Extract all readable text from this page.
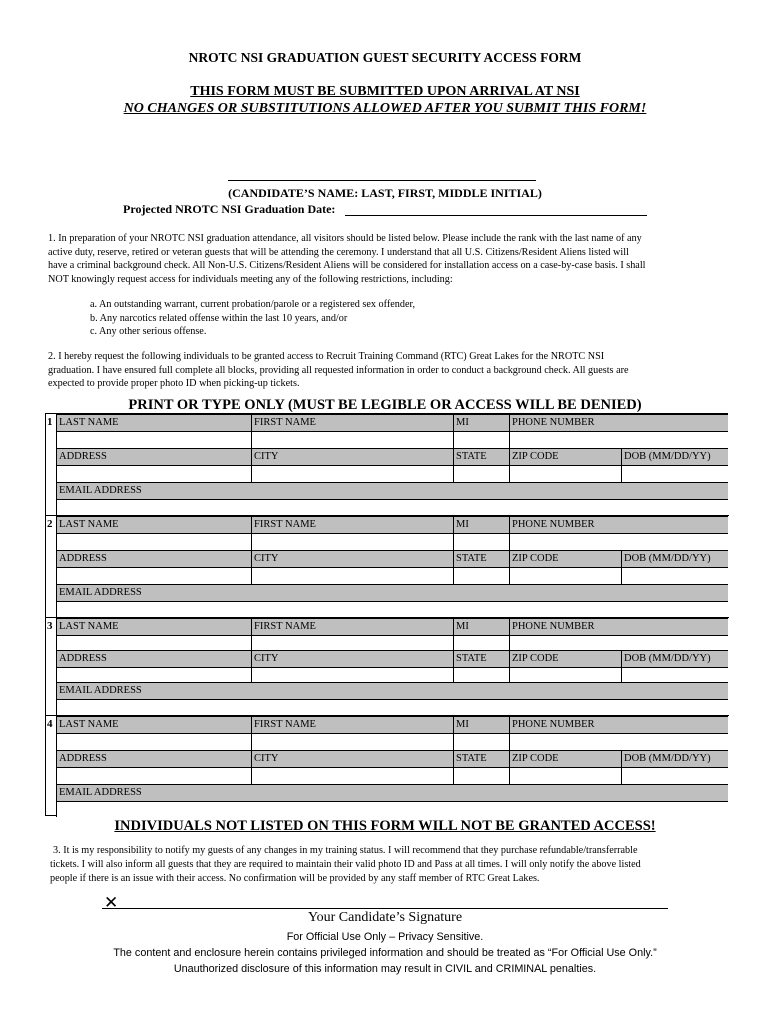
NROTC NSI GRADUATION GUEST SECURITY ACCESS FORM
THIS FORM MUST BE SUBMITTED UPON ARRIVAL AT NSI
NO CHANGES OR SUBSTITUTIONS ALLOWED AFTER YOU SUBMIT THIS FORM!
(CANDIDATE’S NAME: LAST, FIRST, MIDDLE INITIAL)
Projected NROTC NSI Graduation Date:
1. In preparation of your NROTC NSI graduation attendance, all visitors should be listed below. Please include the rank with the last name of any
active duty, reserve, retired or veteran guests that will be attending the ceremony. I understand that all U.S. Citizens/Resident Aliens listed will
have a criminal background check. All Non-U.S. Citizens/Resident Aliens will be considered for installation access on a case-by-case basis. I shall
NOT knowingly request access for individuals meeting any of the following restrictions, including:
a. An outstanding warrant, current probation/parole or a registered sex offender,
b. Any narcotics related offense within the last 10 years, and/or
c. Any other serious offense.
2. I hereby request the following individuals to be granted access to Recruit Training Command (RTC) Great Lakes for the NROTC NSI
graduation. I have ensured full complete all blocks, providing all requested information in order to conduct a background check. All guests are
expected to provide proper photo ID when picking-up tickets.
PRINT OR TYPE ONLY (MUST BE LEGIBLE OR ACCESS WILL BE DENIED)
1 LAST NAME	FIRST NAME	MI	PHONE NUMBER
ADDRESS	CITY	STATE	ZIP CODE	DOB (MM/DD/YY)
EMAIL ADDRESS
2 LAST NAME	FIRST NAME	MI	PHONE NUMBER
ADDRESS	CITY	STATE	ZIP CODE	DOB (MM/DD/YY)
EMAIL ADDRESS
3 LAST NAME	FIRST NAME	MI	PHONE NUMBER
ADDRESS	CITY	STATE	ZIP CODE	DOB (MM/DD/YY)
EMAIL ADDRESS
4 LAST NAME	FIRST NAME	MI	PHONE NUMBER
ADDRESS	CITY	STATE	ZIP CODE	DOB (MM/DD/YY)
EMAIL ADDRESS
INDIVIDUALS NOT LISTED ON THIS FORM WILL NOT BE GRANTED ACCESS!
3. It is my responsibility to notify my guests of any changes in my training status. I will recommend that they purchase refundable/transferrable
tickets. I will also inform all guests that they are required to maintain their valid photo ID and Pass at all times. I will only notify the above listed
people if there is an issue with their access. No confirmation will be provided by any staff member of RTC Great Lakes.
✕
Your Candidate’s Signature
For Official Use Only – Privacy Sensitive.
The content and enclosure herein contains privileged information and should be treated as “For Official Use Only.”
Unauthorized disclosure of this information may result in CIVIL and CRIMINAL penalties.
